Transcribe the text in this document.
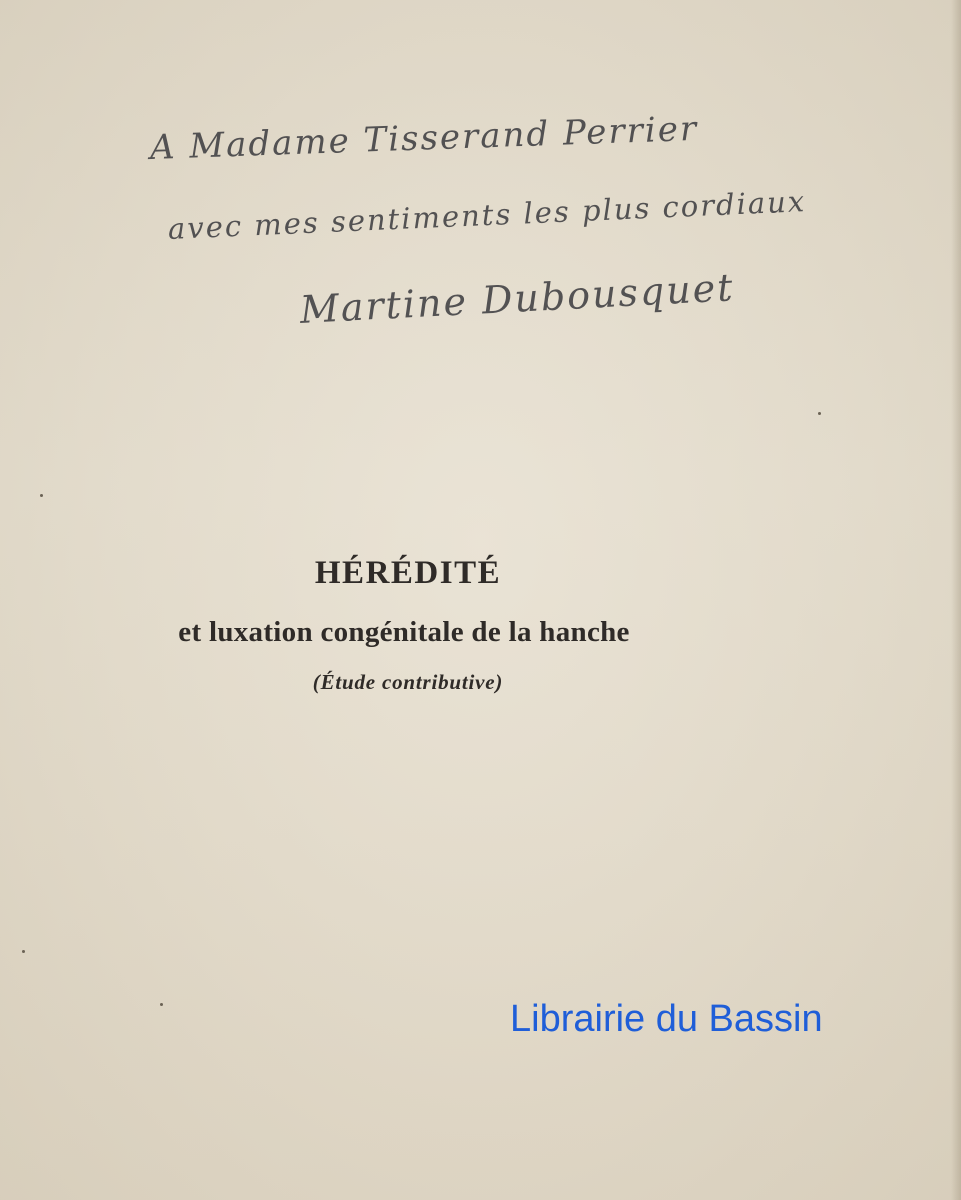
A Madame Tisserand Perrier
avec mes sentiments les plus cordiaux
Martine Dubousquet
HÉRÉDITÉ
et luxation congénitale de la hanche
(Étude contributive)
Librairie du Bassin
